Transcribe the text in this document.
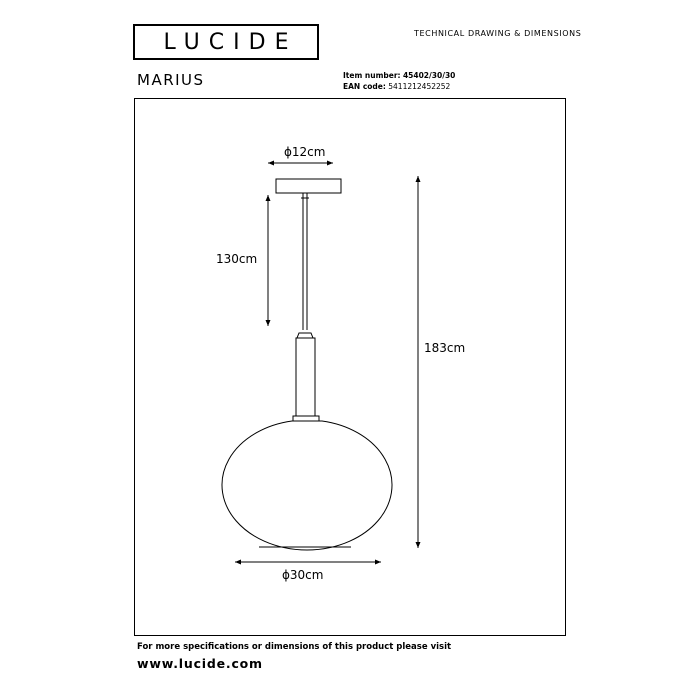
LUCIDE	TECHNICAL DRAWING & DIMENSIONS
MARIUS	Item number: 45402/30/30
EAN code: 5411212452252
ϕ12cm
ϕ30cm
130cm
183cm
For more specifications or dimensions of this product please visit
www.lucide.com
